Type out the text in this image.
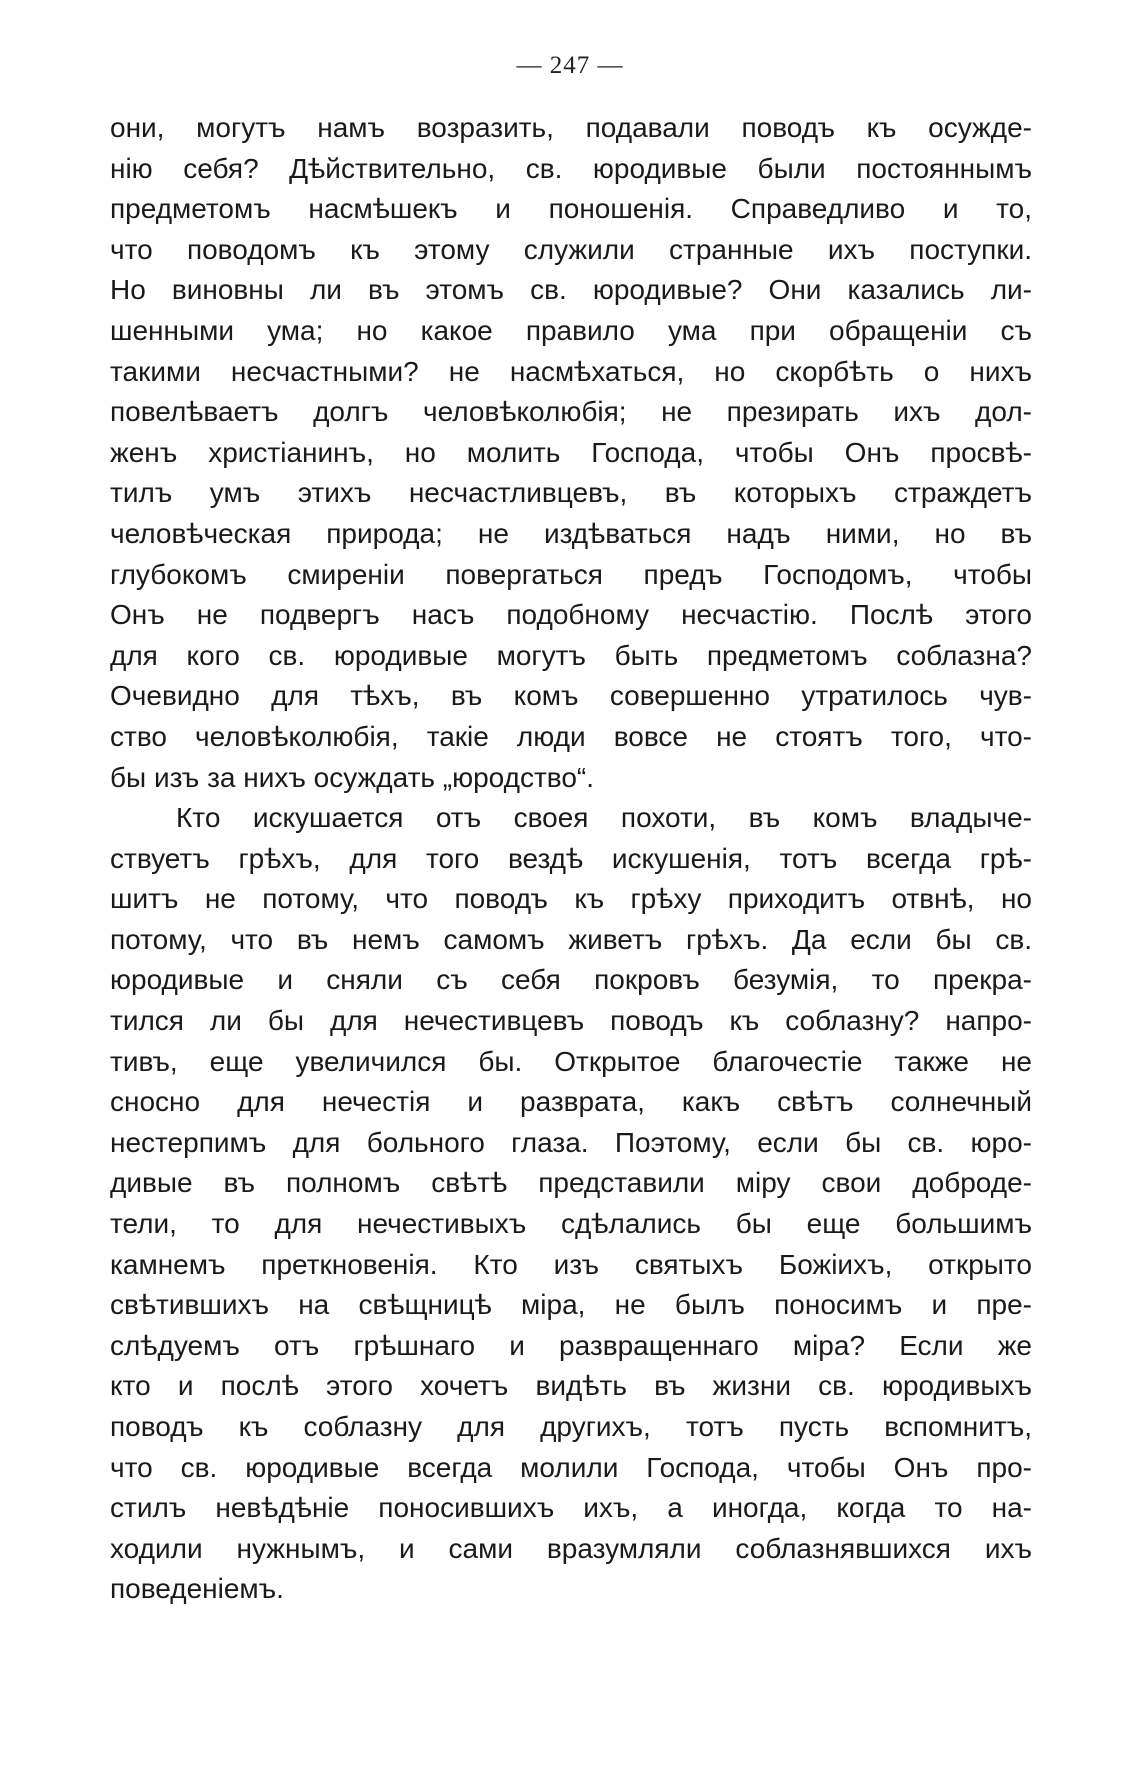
— 247 —
они, могутъ намъ возразить, подавали поводъ къ осужде-
нію себя? Дѣйствительно, св. юродивые были постояннымъ
предметомъ насмѣшекъ и поношенія. Справедливо и то,
что поводомъ къ этому служили странные ихъ поступки.
Но виновны ли въ этомъ св. юродивые? Они казались ли-
шенными ума; но какое правило ума при обращеніи съ
такими несчастными? не насмѣхаться, но скорбѣть о нихъ
повелѣваетъ долгъ человѣколюбія; не презирать ихъ дол-
женъ христіанинъ, но молить Господа, чтобы Онъ просвѣ-
тилъ умъ этихъ несчастливцевъ, въ которыхъ страждетъ
человѣческая природа; не издѣваться надъ ними, но въ
глубокомъ смиреніи повергаться предъ Господомъ, чтобы
Онъ не подвергъ насъ подобному несчастію. Послѣ этого
для кого св. юродивые могутъ быть предметомъ соблазна?
Очевидно для тѣхъ, въ комъ совершенно утратилось чув-
ство человѣколюбія, такіе люди вовсе не стоятъ того, что-
бы изъ за нихъ осуждать „юродство“.
Кто искушается отъ своея похоти, въ комъ владыче-
ствуетъ грѣхъ, для того вездѣ искушенія, тотъ всегда грѣ-
шитъ не потому, что поводъ къ грѣху приходитъ отвнѣ, но
потому, что въ немъ самомъ живетъ грѣхъ. Да если бы св.
юродивые и сняли съ себя покровъ безумія, то прекра-
тился ли бы для нечестивцевъ поводъ къ соблазну? напро-
тивъ, еще увеличился бы. Открытое благочестіе также не
сносно для нечестія и разврата, какъ свѣтъ солнечный
нестерпимъ для больного глаза. Поэтому, если бы св. юро-
дивые въ полномъ свѣтѣ представили міру свои доброде-
тели, то для нечестивыхъ сдѣлались бы еще большимъ
камнемъ преткновенія. Кто изъ святыхъ Божіихъ, открыто
свѣтившихъ на свѣщницѣ міра, не былъ поносимъ и пре-
слѣдуемъ отъ грѣшнаго и развращеннаго міра? Если же
кто и послѣ этого хочетъ видѣть въ жизни св. юродивыхъ
поводъ къ соблазну для другихъ, тотъ пусть вспомнитъ,
что св. юродивые всегда молили Господа, чтобы Онъ про-
стилъ невѣдѣніе поносившихъ ихъ, а иногда, когда то на-
ходили нужнымъ, и сами вразумляли соблазнявшихся ихъ
поведеніемъ.
